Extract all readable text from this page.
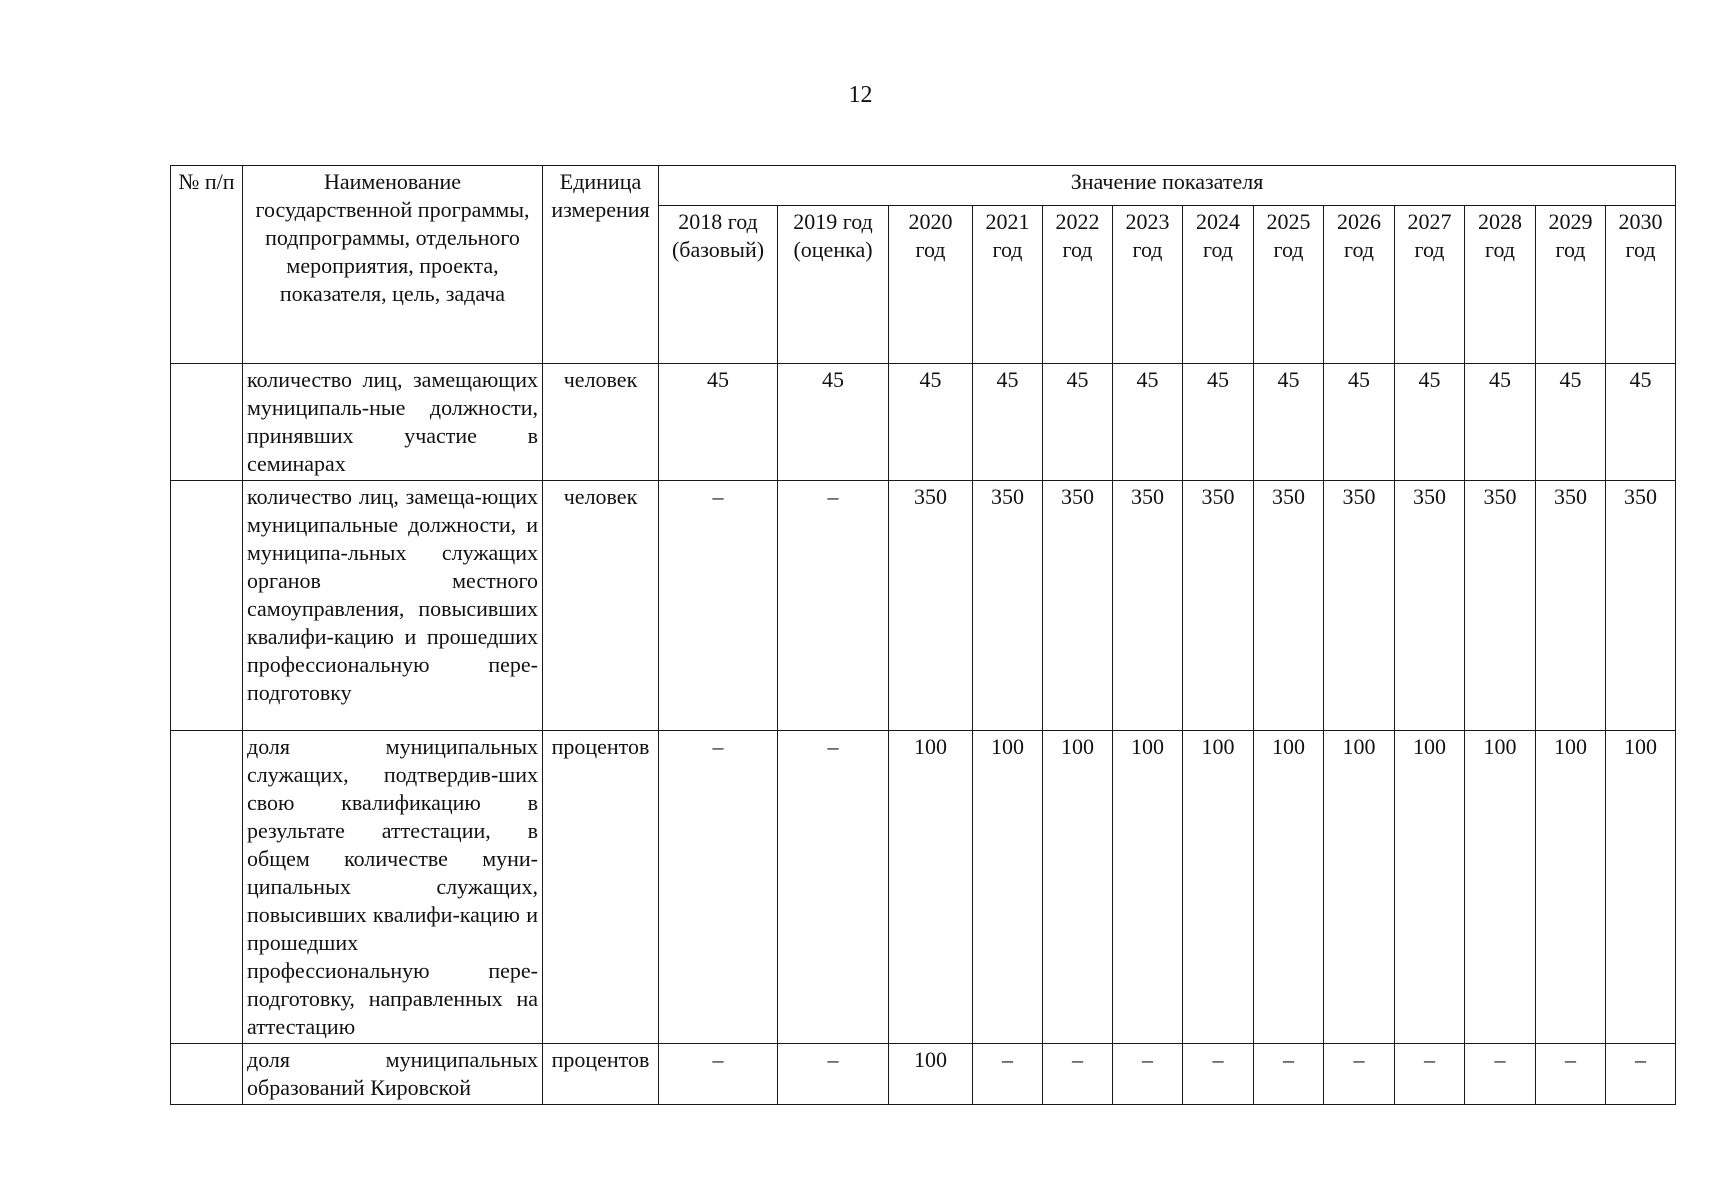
12
№ п/п	Наименование государственной программы, подпрограммы, отдельного мероприятия, проекта, показателя, цель, задача	Единица измерения	Значение показателя												
			2018 год (базовый)	2019 год (оценка)	2020 год	2021 год	2022 год	2023 год	2024 год	2025 год	2026 год	2027 год	2028 год	2029 год	2030 год
	количество лиц, замещающих муниципаль-ные должности, принявших участие в семинарах	человек	45	45	45	45	45	45	45	45	45	45	45	45	45
	количество лиц, замеща-ющих муниципальные должности, и муниципа-льных служащих органов местного самоуправления, повысивших квалифи-кацию и прошедших профессиональную пере-подготовку	человек	–	–	350	350	350	350	350	350	350	350	350	350	350
	доля муниципальных служащих, подтвердив-ших свою квалификацию в результате аттестации, в общем количестве муни-ципальных служащих, повысивших квалифи-кацию и прошедших профессиональную пере-подготовку, направленных на аттестацию	процентов	–	–	100	100	100	100	100	100	100	100	100	100	100
	доля муниципальных образований Кировской	процентов	–	–	100	–	–	–	–	–	–	–	–	–	–
